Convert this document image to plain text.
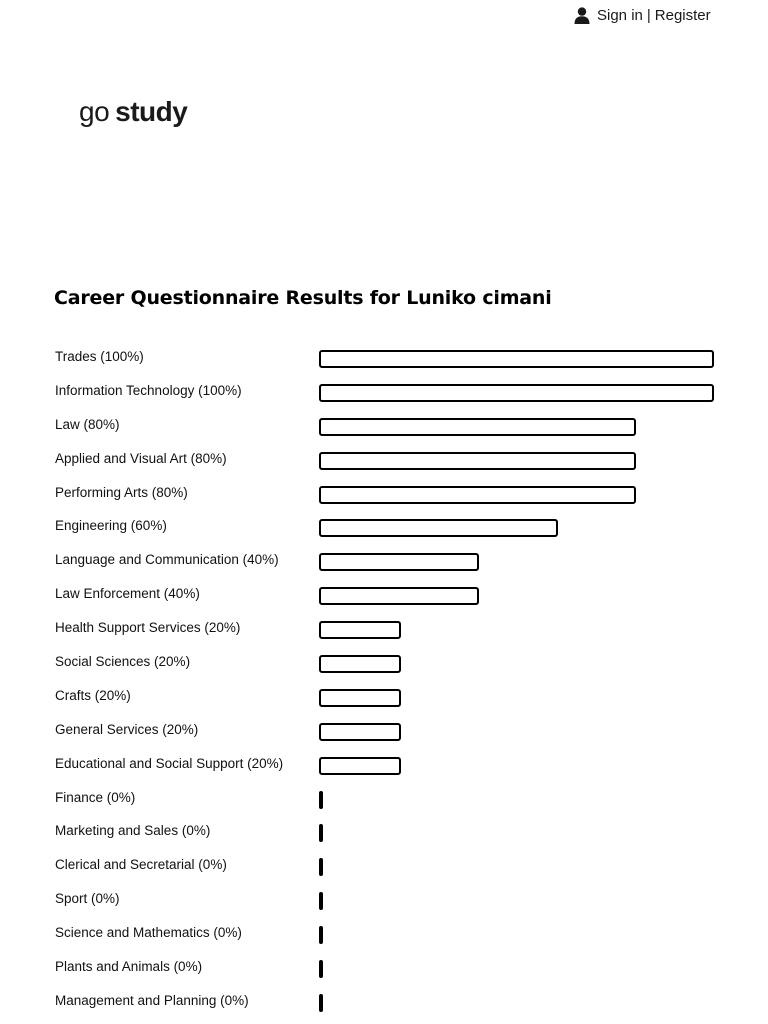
Sign in | Register
go study
Career Questionnaire Results for Luniko cimani
Trades (100%)
Information Technology (100%)
Law (80%)
Applied and Visual Art (80%)
Performing Arts (80%)
Engineering (60%)
Language and Communication (40%)
Law Enforcement (40%)
Health Support Services (20%)
Social Sciences (20%)
Crafts (20%)
General Services (20%)
Educational and Social Support (20%)
Finance (0%)
Marketing and Sales (0%)
Clerical and Secretarial (0%)
Sport (0%)
Science and Mathematics (0%)
Plants and Animals (0%)
Management and Planning (0%)
